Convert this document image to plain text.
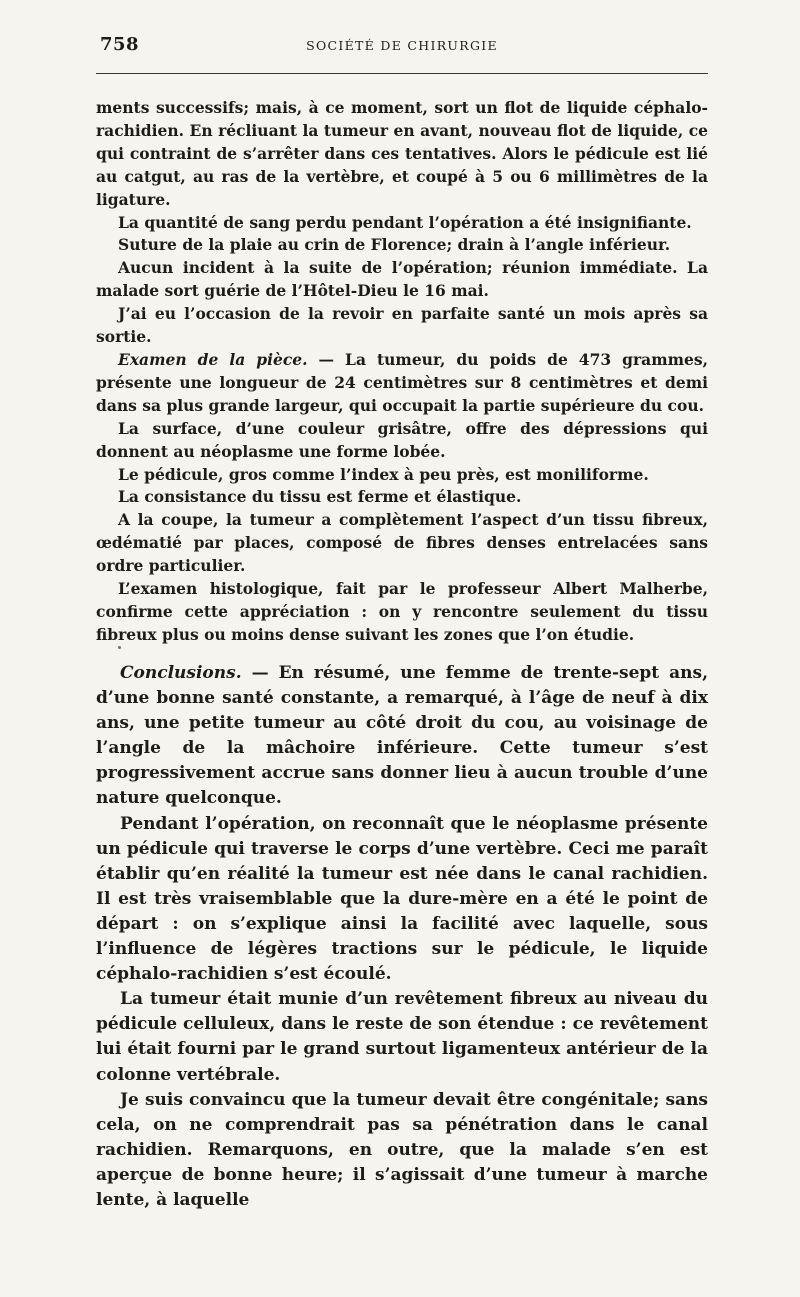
758	SOCIÉTÉ DE CHIRURGIE

ments successifs; mais, à ce moment, sort un flot de liquide céphalo-rachidien. En récliuant la tumeur en avant, nouveau flot de liquide, ce qui contraint de s’arrêter dans ces tentatives. Alors le pédicule est lié au catgut, au ras de la vertèbre, et coupé à 5 ou 6 millimètres de la ligature.

La quantité de sang perdu pendant l’opération a été insignifiante.

Suture de la plaie au crin de Florence; drain à l’angle inférieur.

Aucun incident à la suite de l’opération; réunion immédiate. La malade sort guérie de l’Hôtel-Dieu le 16 mai.

J’ai eu l’occasion de la revoir en parfaite santé un mois après sa sortie.

Examen de la pièce. — La tumeur, du poids de 473 grammes, présente une longueur de 24 centimètres sur 8 centimètres et demi dans sa plus grande largeur, qui occupait la partie supérieure du cou.

La surface, d’une couleur grisâtre, offre des dépressions qui donnent au néoplasme une forme lobée.

Le pédicule, gros comme l’index à peu près, est moniliforme.

La consistance du tissu est ferme et élastique.

A la coupe, la tumeur a complètement l’aspect d’un tissu fibreux, œdématié par places, composé de fibres denses entrelacées sans ordre particulier.

L’examen histologique, fait par le professeur Albert Malherbe, confirme cette appréciation : on y rencontre seulement du tissu fibreux plus ou moins dense suivant les zones que l’on étudie.

Conclusions. — En résumé, une femme de trente-sept ans, d’une bonne santé constante, a remarqué, à l’âge de neuf à dix ans, une petite tumeur au côté droit du cou, au voisinage de l’angle de la mâchoire inférieure. Cette tumeur s’est progressivement accrue sans donner lieu à aucun trouble d’une nature quelconque.

Pendant l’opération, on reconnaît que le néoplasme présente un pédicule qui traverse le corps d’une vertèbre. Ceci me paraît établir qu’en réalité la tumeur est née dans le canal rachidien. Il est très vraisemblable que la dure-mère en a été le point de départ : on s’explique ainsi la facilité avec laquelle, sous l’influence de légères tractions sur le pédicule, le liquide céphalo-rachidien s’est écoulé.

La tumeur était munie d’un revêtement fibreux au niveau du pédicule celluleux, dans le reste de son étendue : ce revêtement lui était fourni par le grand surtout ligamenteux antérieur de la colonne vertébrale.

Je suis convaincu que la tumeur devait être congénitale; sans cela, on ne comprendrait pas sa pénétration dans le canal rachidien. Remarquons, en outre, que la malade s’en est aperçue de bonne heure; il s’agissait d’une tumeur à marche lente, à laquelle
